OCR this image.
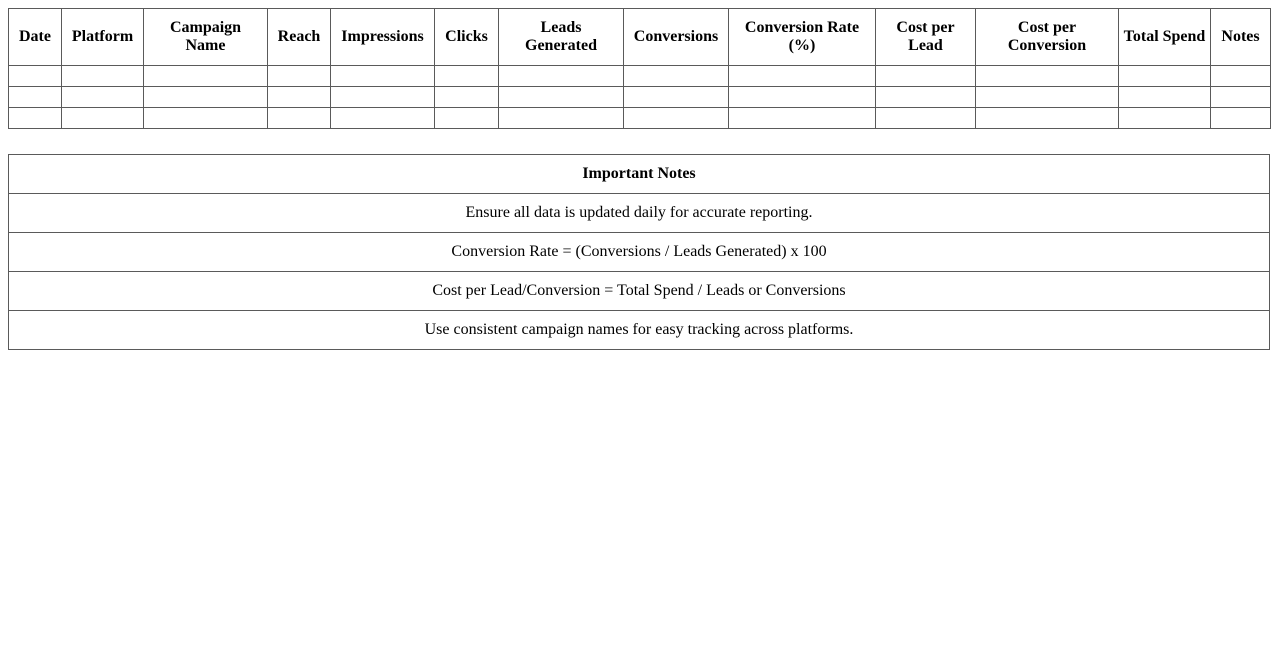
Date	Platform	Campaign Name	Reach	Impressions	Clicks	Leads Generated	Conversions	Conversion Rate (%)	Cost per Lead	Cost per Conversion	Total Spend	Notes

Important Notes
Ensure all data is updated daily for accurate reporting.
Conversion Rate = (Conversions / Leads Generated) x 100
Cost per Lead/Conversion = Total Spend / Leads or Conversions
Use consistent campaign names for easy tracking across platforms.
